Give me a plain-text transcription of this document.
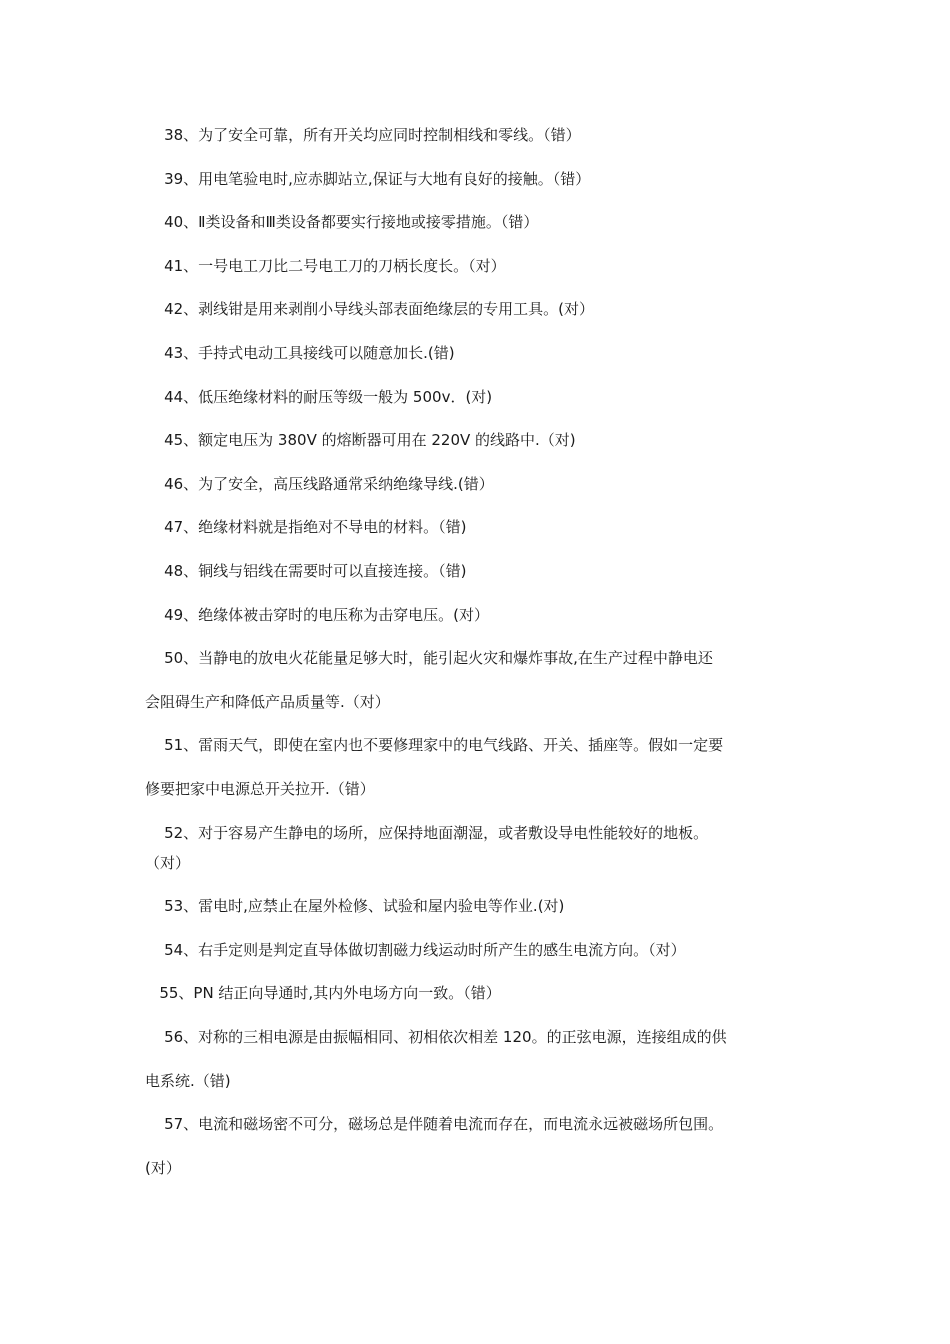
38、为了安全可靠，所有开关均应同时控制相线和零线。（错）
39、用电笔验电时,应赤脚站立,保证与大地有良好的接触。（错）
40、Ⅱ类设备和Ⅲ类设备都要实行接地或接零措施。（错）
41、一号电工刀比二号电工刀的刀柄长度长。（对）
42、剥线钳是用来剥削小导线头部表面绝缘层的专用工具。(对）
43、手持式电动工具接线可以随意加长.(错)
44、低压绝缘材料的耐压等级一般为 500v．(对)
45、额定电压为 380V 的熔断器可用在 220V 的线路中.（对)
46、为了安全，高压线路通常采纳绝缘导线.(错）
47、绝缘材料就是指绝对不导电的材料。（错)
48、铜线与铝线在需要时可以直接连接。（错)
49、绝缘体被击穿时的电压称为击穿电压。(对）
50、当静电的放电火花能量足够大时，能引起火灾和爆炸事故,在生产过程中静电还
会阻碍生产和降低产品质量等.（对）
51、雷雨天气，即使在室内也不要修理家中的电气线路、开关、插座等。假如一定要
修要把家中电源总开关拉开.（错）
52、对于容易产生静电的场所，应保持地面潮湿，或者敷设导电性能较好的地板。
（对）
53、雷电时,应禁止在屋外检修、试验和屋内验电等作业.(对)
54、右手定则是判定直导体做切割磁力线运动时所产生的感生电流方向。（对）
55、PN 结正向导通时,其内外电场方向一致。（错）
56、对称的三相电源是由振幅相同、初相依次相差 120。的正弦电源，连接组成的供
电系统.（错)
57、电流和磁场密不可分，磁场总是伴随着电流而存在，而电流永远被磁场所包围。
(对）
